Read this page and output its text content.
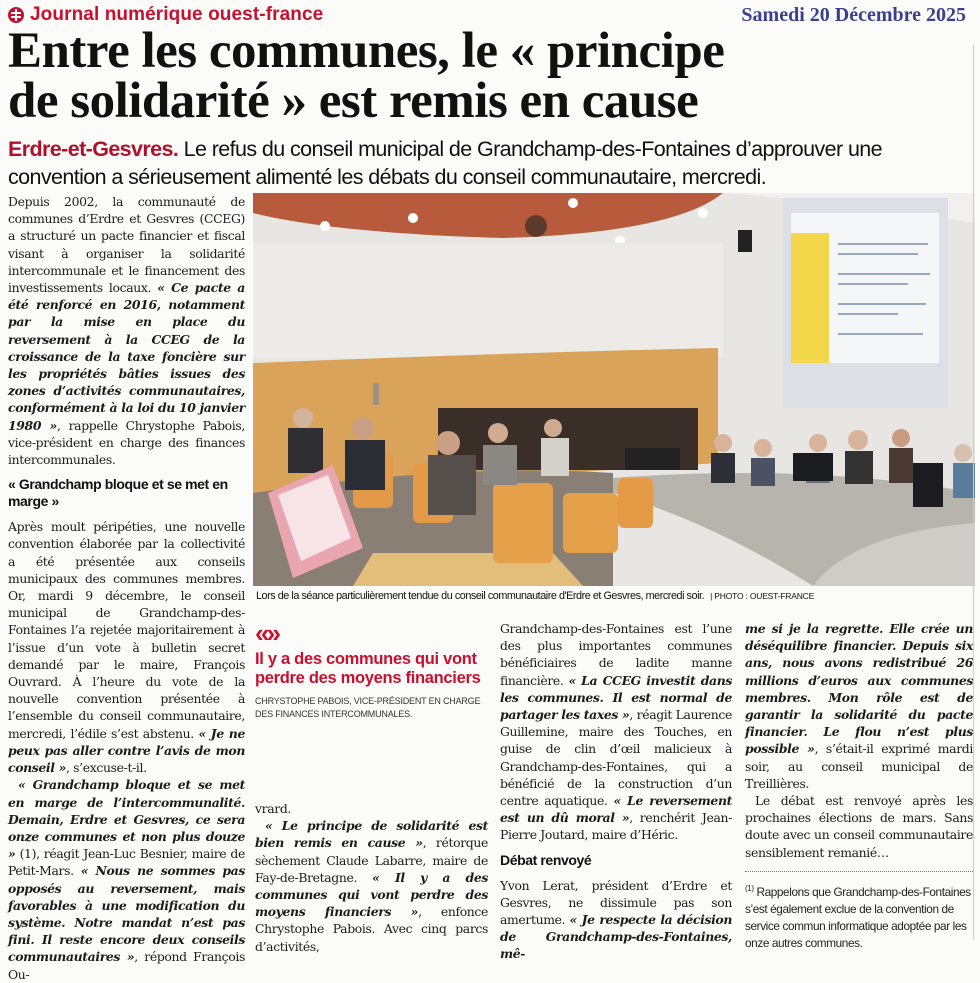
Journal numérique ouest-france	Samedi 20 Décembre 2025
Entre les communes, le « principe
de solidarité » est remis en cause
Erdre-et-Gesvres. Le refus du conseil municipal de Grandchamp-des-Fontaines d’approuver une convention a sérieusement alimenté les débats du conseil communautaire, mercredi.

Depuis 2002, la communauté de communes d’Erdre et Gesvres (CCEG) a structuré un pacte financier et fiscal visant à organiser la solidarité intercommunale et le financement des investissements locaux. « Ce pacte a été renforcé en 2016, notamment par la mise en place du reversement à la CCEG de la croissance de la taxe foncière sur les propriétés bâties issues des zones d’activités communautaires, conformément à la loi du 10 janvier 1980 », rappelle Chrystophe Pabois, vice-président en charge des finances intercommunales.

« Grandchamp bloque et se met en marge »

Après moult péripéties, une nouvelle convention élaborée par la collectivité a été présentée aux conseils municipaux des communes membres. Or, mardi 9 décembre, le conseil municipal de Grandchamp-des-Fontaines l’a rejetée majoritairement à l’issue d’un vote à bulletin secret demandé par le maire, François Ouvrard. À l’heure du vote de la nouvelle convention présentée à l’ensemble du conseil communautaire, mercredi, l’édile s’est abstenu. « Je ne peux pas aller contre l’avis de mon conseil », s’excuse-t-il.

« Grandchamp bloque et se met en marge de l’intercommunalité. Demain, Erdre et Gesvres, ce sera onze communes et non plus douze » (1), réagit Jean-Luc Besnier, maire de Petit-Mars. « Nous ne sommes pas opposés au reversement, mais favorables à une modification du système. Notre mandat n’est pas fini. Il reste encore deux conseils communautaires », répond François Ou-

Lors de la séance particulièrement tendue du conseil communautaire d'Erdre et Gesvres, mercredi soir. | PHOTO : OUEST-FRANCE
«»
Il y a des communes qui vont perdre des moyens financiers
CHRYSTOPHE PABOIS, VICE-PRÉSIDENT EN CHARGE DES FINANCES INTERCOMMUNALES.

vrard.

« Le principe de solidarité est bien remis en cause », rétorque sèchement Claude Labarre, maire de Fay-de-Bretagne. « Il y a des communes qui vont perdre des moyens financiers », enfonce Chrystophe Pabois. Avec cinq parcs d’activités,

Grandchamp-des-Fontaines est l’une des plus importantes communes bénéficiaires de ladite manne financière. « La CCEG investit dans les communes. Il est normal de partager les taxes », réagit Laurence Guillemine, maire des Touches, en guise de clin d’œil malicieux à Grandchamp-des-Fontaines, qui a bénéficié de la construction d’un centre aquatique. « Le reversement est un dû moral », renchérit Jean-Pierre Joutard, maire d’Héric.

Débat renvoyé

Yvon Lerat, président d’Erdre et Gesvres, ne dissimule pas son amertume. « Je respecte la décision de Grandchamp-des-Fontaines, mê-

me si je la regrette. Elle crée un déséquilibre financier. Depuis six ans, nous avons redistribué 26 millions d’euros aux communes membres. Mon rôle est de garantir la solidarité du pacte financier. Le flou n’est plus possible », s’était-il exprimé mardi soir, au conseil municipal de Treillières.

Le débat est renvoyé après les prochaines élections de mars. Sans doute avec un conseil communautaire sensiblement remanié…

$^{(1)}$ Rappelons que Grandchamp-des-Fontaines s’est également exclue de la convention de service commun informatique adoptée par les onze autres communes.
